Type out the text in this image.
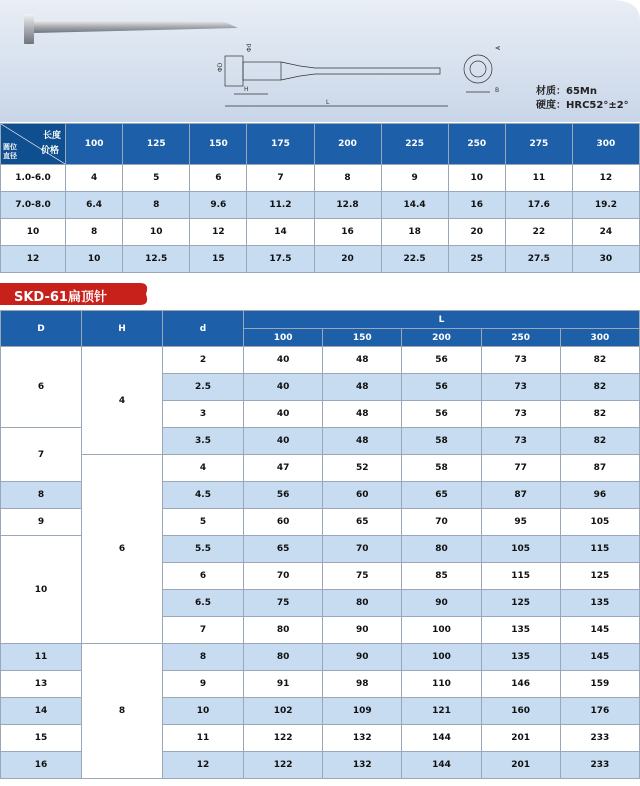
Φd
ΦD
L
H
A
B	材质：65Mn
硬度：HRC52°±2°
长度
价格
圆位
直径	100	125	150	175	200	225	250	275	300
1.0-6.0	4	5	6	7	8	9	10	11	12
7.0-8.0	6.4	8	9.6	11.2	12.8	14.4	16	17.6	19.2
10	8	10	12	14	16	18	20	22	24
12	10	12.5	15	17.5	20	22.5	25	27.5	30
SKD-61扁顶针
D	H	d	L				
			100	150	200	250	300
6	4	2	40	48	56	73	82
		2.5	40	48	56	73	82
		3	40	48	56	73	82
7		3.5	40	48	58	73	82
	6	4	47	52	58	77	87
8		4.5	56	60	65	87	96
9		5	60	65	70	95	105
10		5.5	65	70	80	105	115
		6	70	75	85	115	125
		6.5	75	80	90	125	135
		7	80	90	100	135	145
11	8	8	80	90	100	135	145
13		9	91	98	110	146	159
14		10	102	109	121	160	176
15		11	122	132	144	201	233
16		12	122	132	144	201	233
